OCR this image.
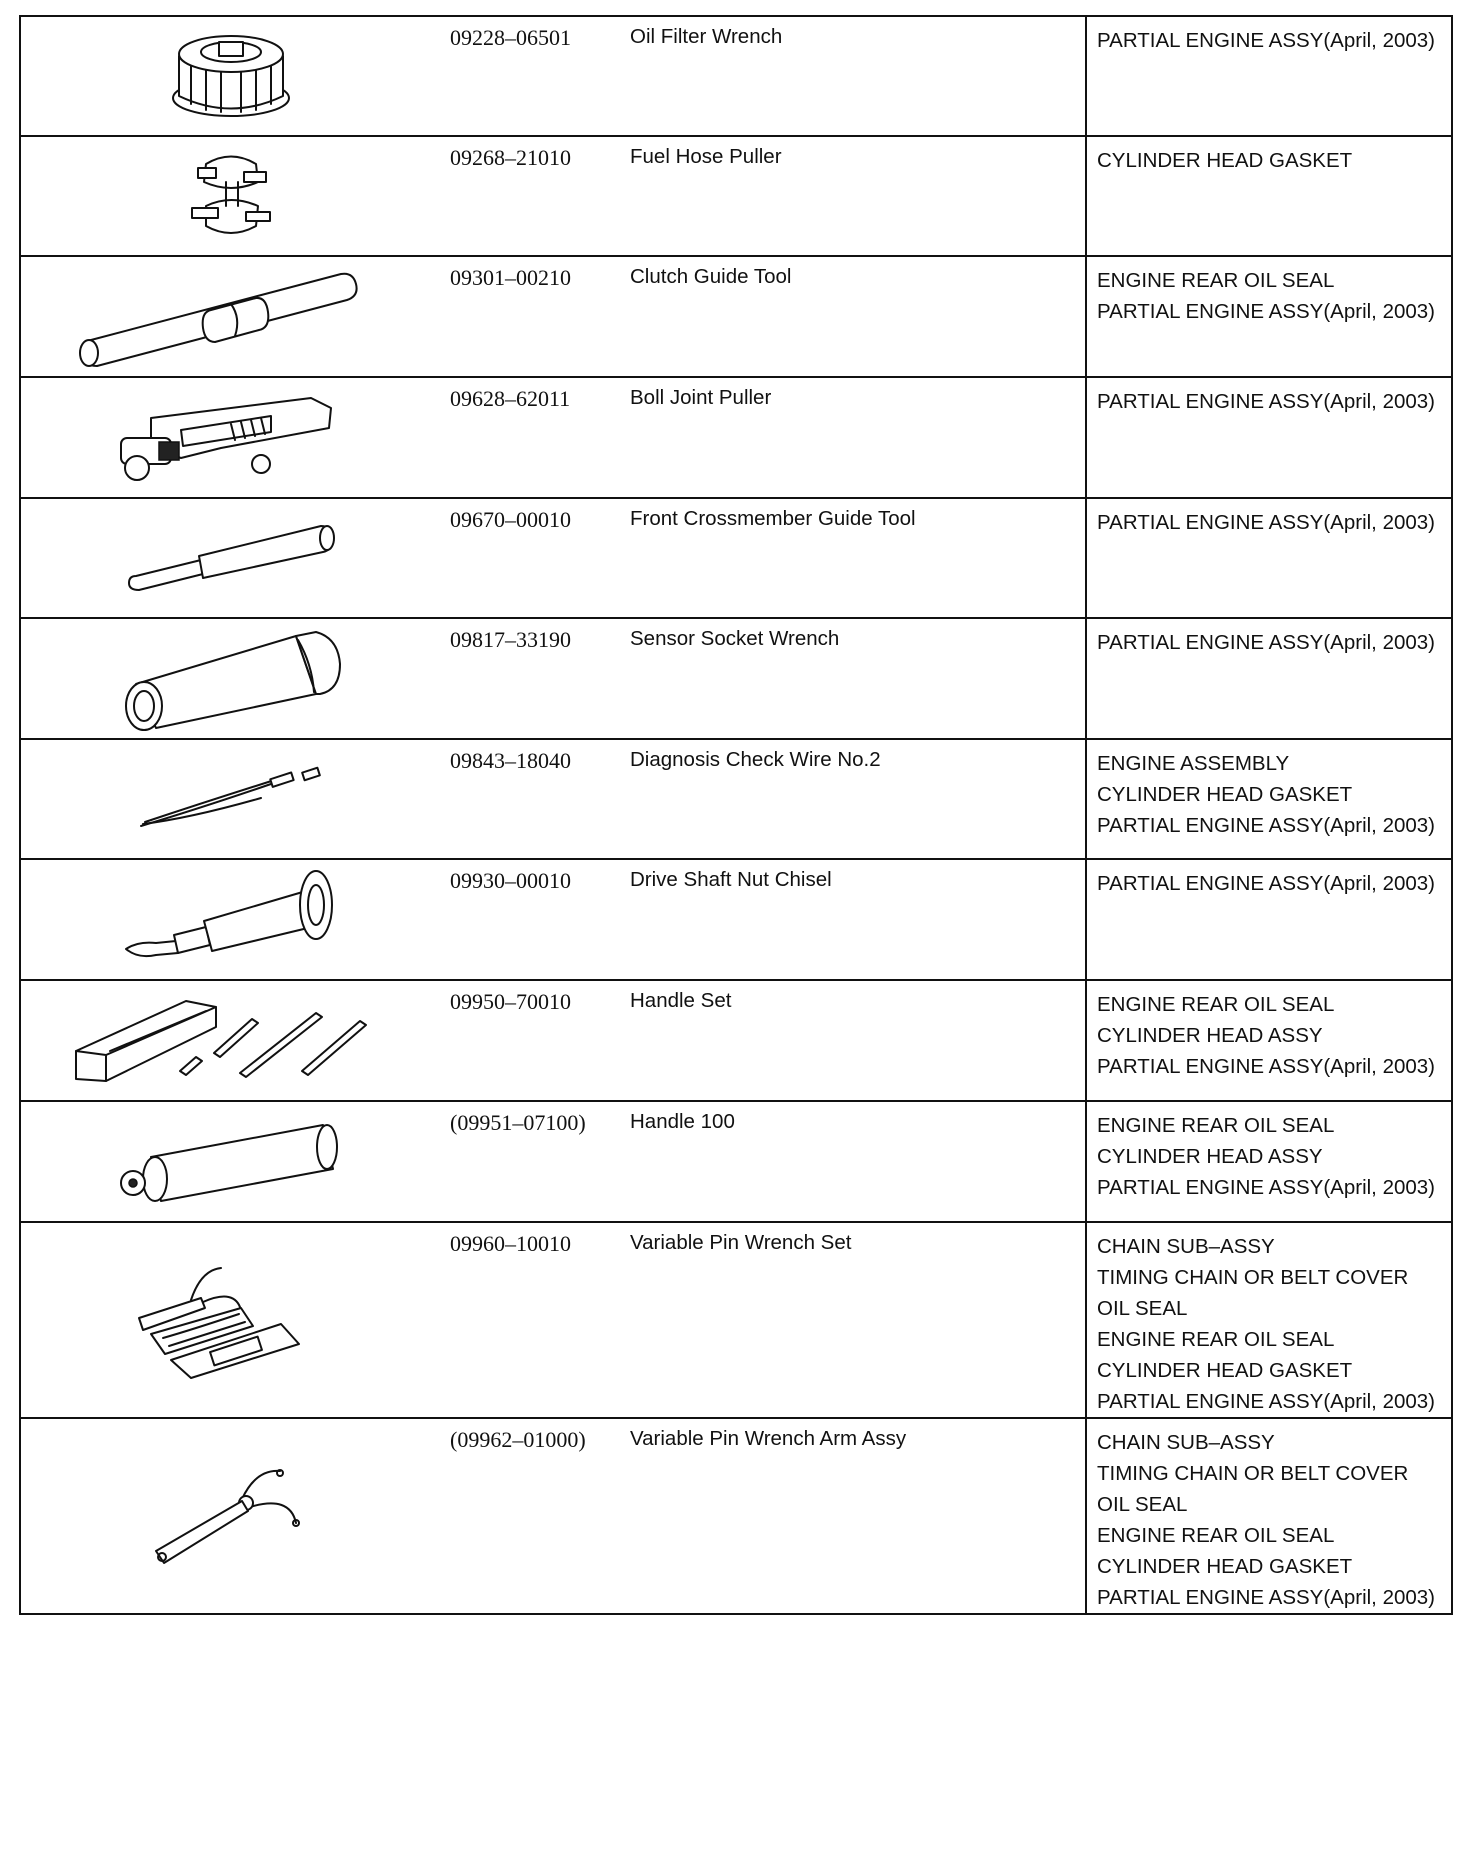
	09228–06501	Oil Filter Wrench	PARTIAL ENGINE ASSY(April, 2003)

	09268–21010	Fuel Hose Puller	CYLINDER HEAD GASKET

	09301–00210	Clutch Guide Tool	ENGINE REAR OIL SEAL
PARTIAL ENGINE ASSY(April, 2003)

	09628–62011	Boll Joint Puller	PARTIAL ENGINE ASSY(April, 2003)

	09670–00010	Front Crossmember Guide Tool	PARTIAL ENGINE ASSY(April, 2003)

	09817–33190	Sensor Socket Wrench	PARTIAL ENGINE ASSY(April, 2003)

	09843–18040	Diagnosis Check Wire No.2	ENGINE ASSEMBLY
CYLINDER HEAD GASKET
PARTIAL ENGINE ASSY(April, 2003)

	09930–00010	Drive Shaft Nut Chisel	PARTIAL ENGINE ASSY(April, 2003)

	09950–70010	Handle Set	ENGINE REAR OIL SEAL
CYLINDER HEAD ASSY
PARTIAL ENGINE ASSY(April, 2003)

	(09951–07100)	Handle 100	ENGINE REAR OIL SEAL
CYLINDER HEAD ASSY
PARTIAL ENGINE ASSY(April, 2003)

	09960–10010	Variable Pin Wrench Set	CHAIN SUB–ASSY
TIMING CHAIN OR BELT COVER OIL SEAL
ENGINE REAR OIL SEAL
CYLINDER HEAD GASKET
PARTIAL ENGINE ASSY(April, 2003)

	(09962–01000)	Variable Pin Wrench Arm Assy	CHAIN SUB–ASSY
TIMING CHAIN OR BELT COVER OIL SEAL
ENGINE REAR OIL SEAL
CYLINDER HEAD GASKET
PARTIAL ENGINE ASSY(April, 2003)
